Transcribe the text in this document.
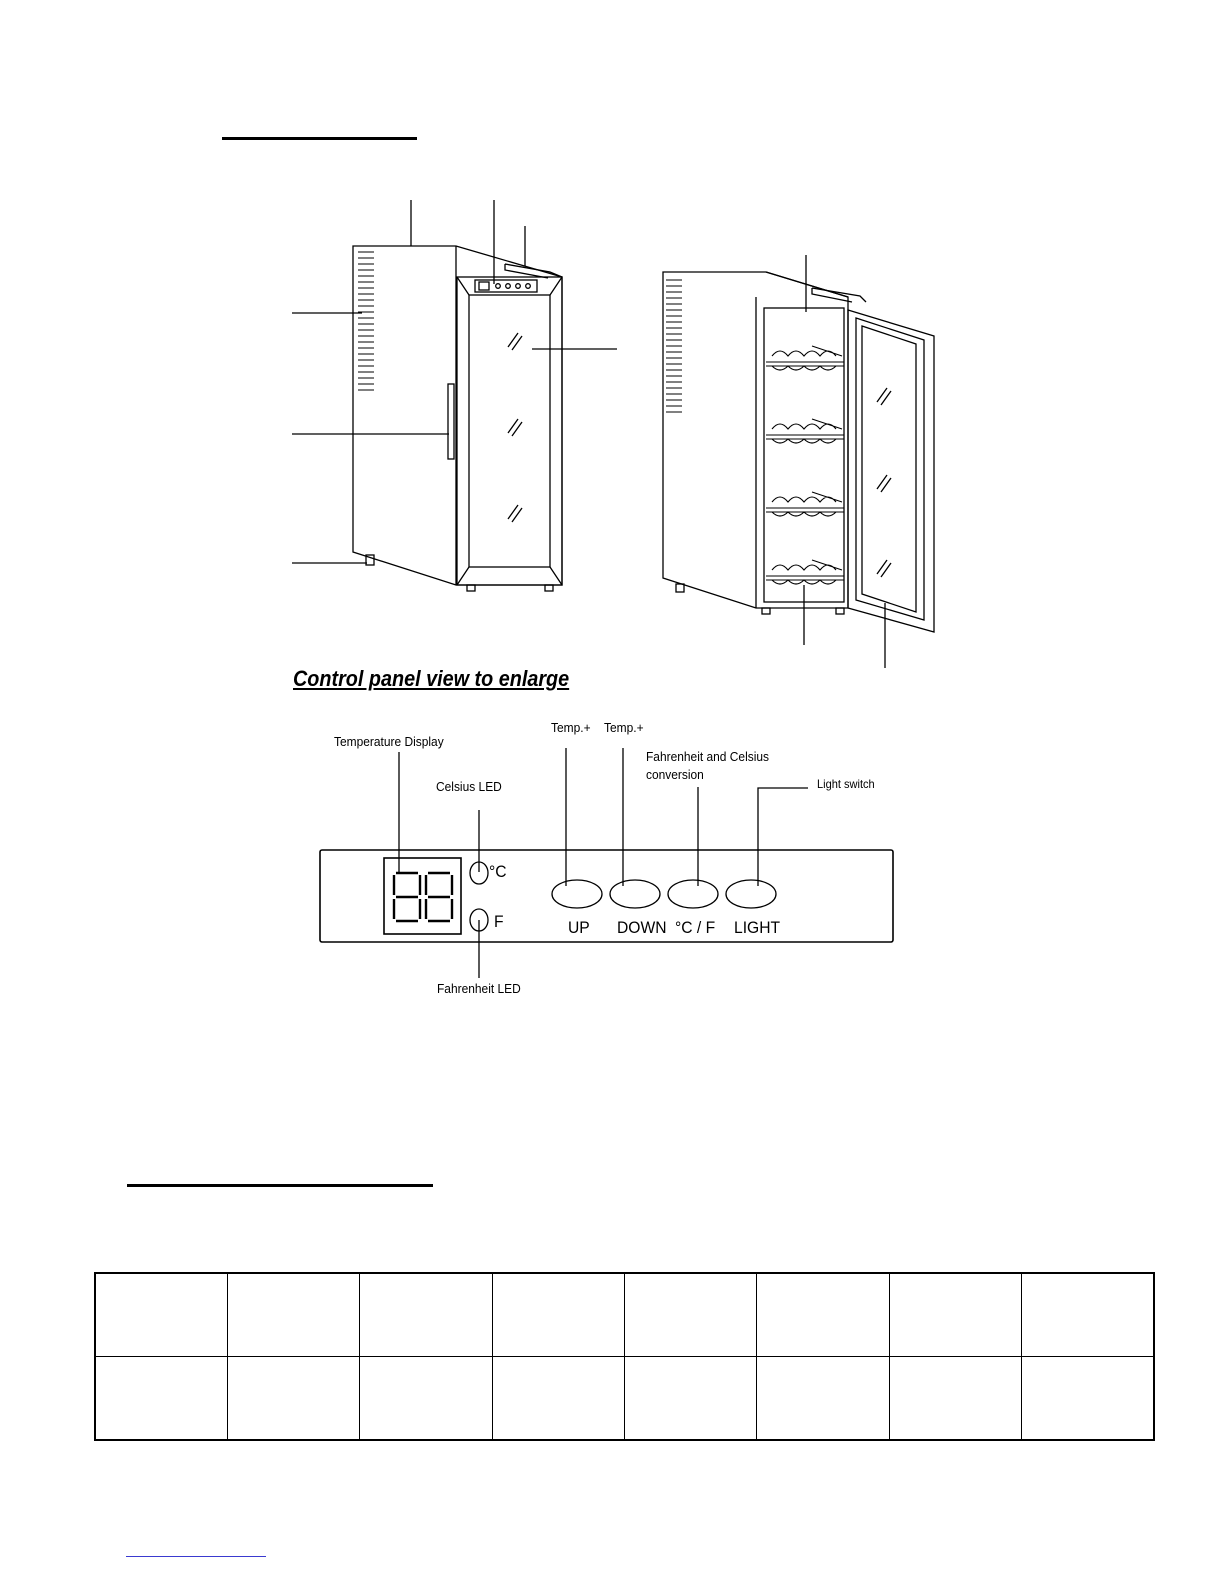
Control panel view to enlarge
Temperature Display
Celsius LED
Temp.+ Temp.+
Fahrenheit and Celsius
conversion
Light switch
Fahrenheit LED
°C
F	UP DOWN °C / F LIGHT
